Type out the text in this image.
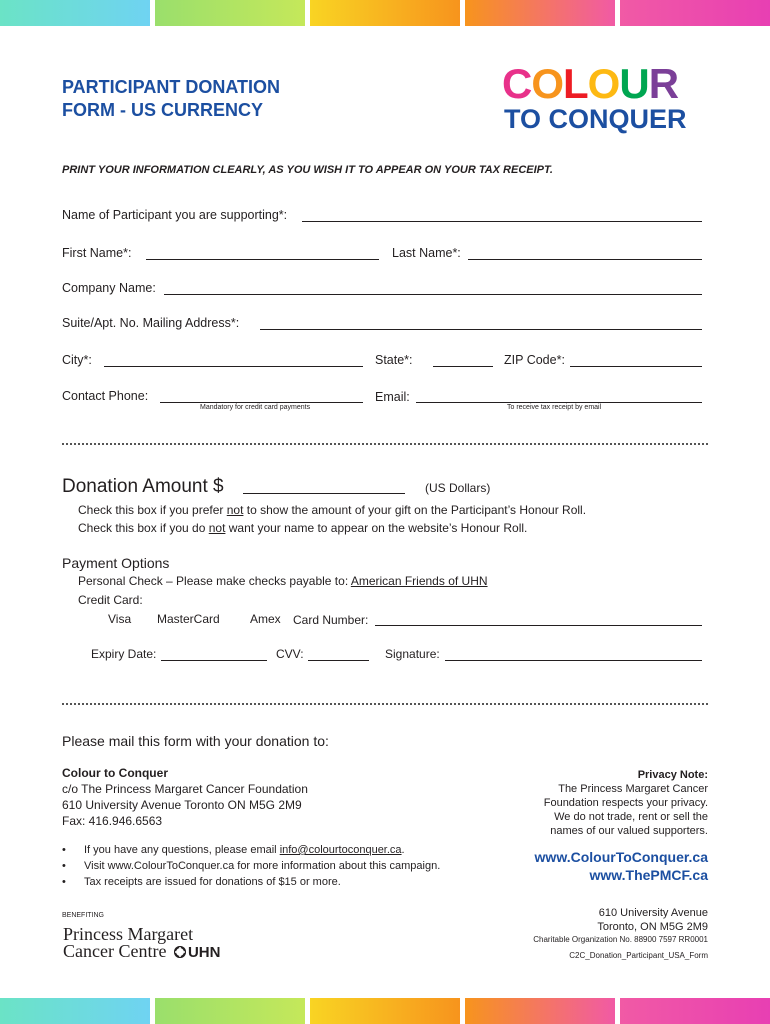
PARTICIPANT DONATION
FORM - US CURRENCY
COLOUR
TO CONQUER
PRINT YOUR INFORMATION CLEARLY, AS YOU WISH IT TO APPEAR ON YOUR TAX RECEIPT.
Name of Participant you are supporting*:
First Name*:	Last Name*:
Company Name:
Suite/Apt. No. Mailing Address*:
City*:	State*:	ZIP Code*:
Contact Phone:
Mandatory for credit card payments
Email:
To receive tax receipt by email
Donation Amount $	(US Dollars)
Check this box if you prefer not to show the amount of your gift on the Participant’s Honour Roll.
Check this box if you do not want your name to appear on the website’s Honour Roll.
Payment Options
Personal Check – Please make checks payable to: American Friends of UHN
Credit Card:
Visa MasterCard	Amex Card Number:
Expiry Date:	CVV:	Signature:
Please mail this form with your donation to:
Colour to Conquer
c/o The Princess Margaret Cancer Foundation
610 University Avenue Toronto ON M5G 2M9
Fax: 416.946.6563
• If you have any questions, please email info@colourtoconquer.ca.
• Visit www.ColourToConquer.ca for more information about this campaign.
• Tax receipts are issued for donations of $15 or more.
Privacy Note:
The Princess Margaret Cancer
Foundation respects your privacy.
We do not trade, rent or sell the
names of our valued supporters.
www.ColourToConquer.ca
www.ThePMCF.ca
BENEFITING
Princess Margaret
Cancer Centre UHN
610 University Avenue
Toronto, ON M5G 2M9
Charitable Organization No. 88900 7597 RR0001
C2C_Donation_Participant_USA_Form
